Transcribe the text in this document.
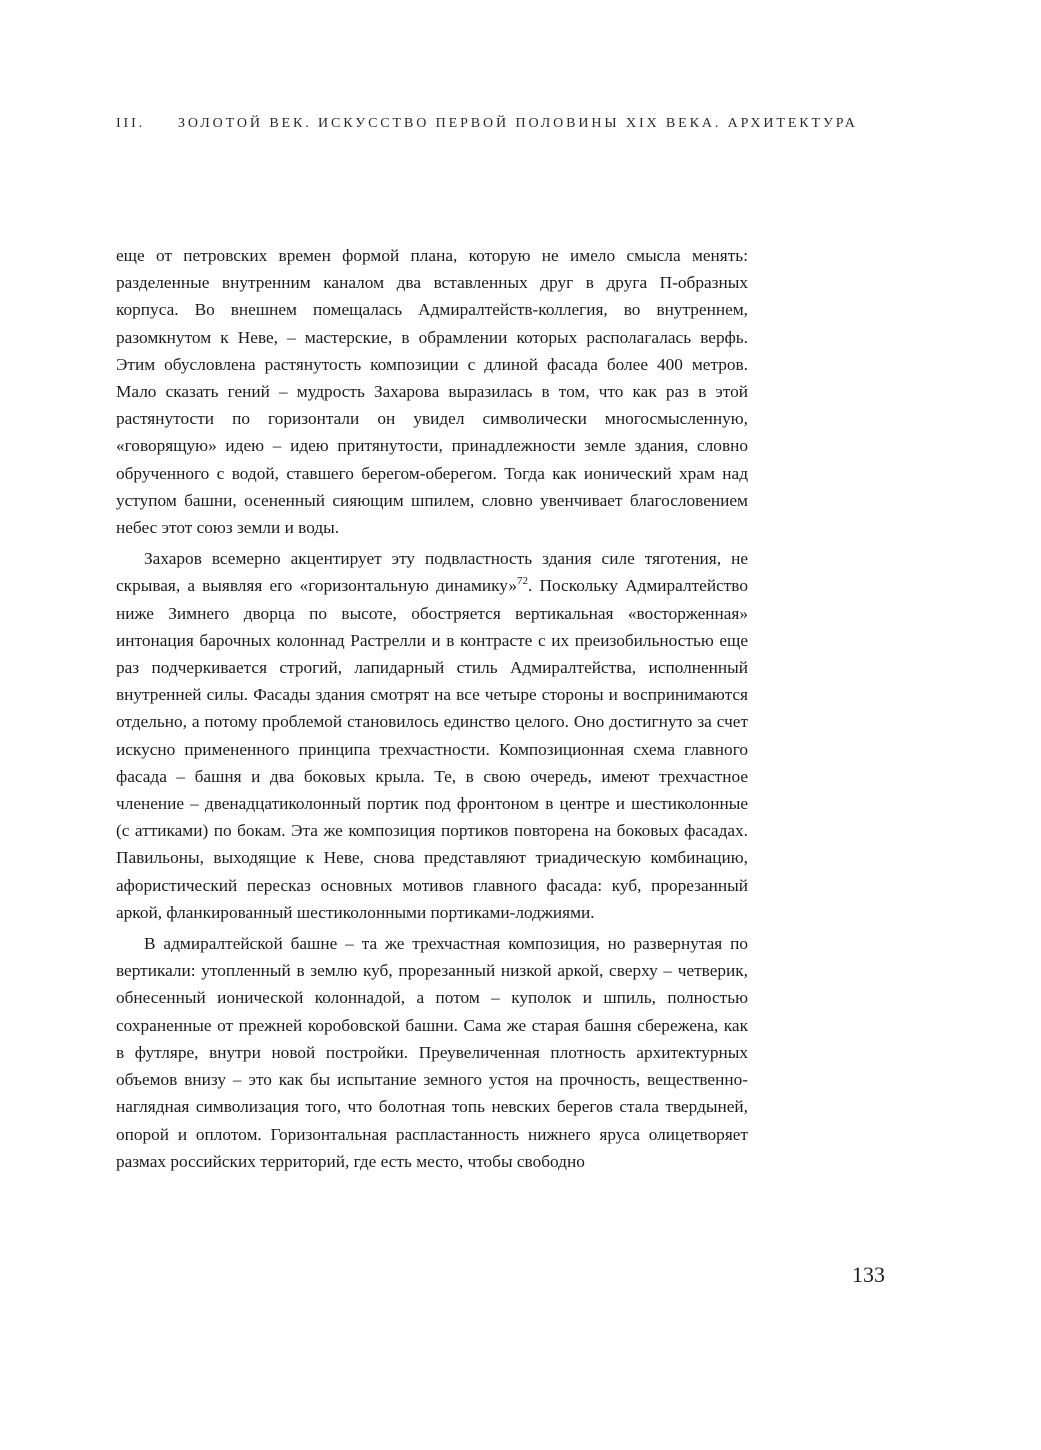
III. ЗОЛОТОЙ ВЕК. ИСКУССТВО ПЕРВОЙ ПОЛОВИНЫ XIX ВЕКА. АРХИТЕКТУРА

еще от петровских времен формой плана, которую не имело смысла менять: разделенные внутренним каналом два вставленных друг в друга П-образных корпуса. Во внешнем помещалась Адмиралтейств-коллегия, во внутреннем, разомкнутом к Неве, – мастерские, в обрамлении которых располагалась верфь. Этим обусловлена растянутость композиции с длиной фасада более 400 метров. Мало сказать гений – мудрость Захарова выразилась в том, что как раз в этой растянутости по горизонтали он увидел символически многосмысленную, «говорящую» идею – идею притянутости, принадлежности земле здания, словно обрученного с водой, ставшего берегом-оберегом. Тогда как ионический храм над уступом башни, осененный сияющим шпилем, словно увенчивает благословением небес этот союз земли и воды.

Захаров всемерно акцентирует эту подвластность здания силе тяготения, не скрывая, а выявляя его «горизонтальную динамику»$^{72}$. Поскольку Адмиралтейство ниже Зимнего дворца по высоте, обостряется вертикальная «восторженная» интонация барочных колоннад Растрелли и в контрасте с их преизобильностью еще раз подчеркивается строгий, лапидарный стиль Адмиралтейства, исполненный внутренней силы. Фасады здания смотрят на все четыре стороны и воспринимаются отдельно, а потому проблемой становилось единство целого. Оно достигнуто за счет искусно примененного принципа трехчастности. Композиционная схема главного фасада – башня и два боковых крыла. Те, в свою очередь, имеют трехчастное членение – двенадцатиколонный портик под фронтоном в центре и шестиколонные (с аттиками) по бокам. Эта же композиция портиков повторена на боковых фасадах. Павильоны, выходящие к Неве, снова представляют триадическую комбинацию, афористический пересказ основных мотивов главного фасада: куб, прорезанный аркой, фланкированный шестиколонными портиками-лоджиями.

В адмиралтейской башне – та же трехчастная композиция, но развернутая по вертикали: утопленный в землю куб, прорезанный низкой аркой, сверху – четверик, обнесенный ионической колоннадой, а потом – куполок и шпиль, полностью сохраненные от прежней коробовской башни. Сама же старая башня сбережена, как в футляре, внутри новой постройки. Преувеличенная плотность архитектурных объемов внизу – это как бы испытание земного устоя на прочность, вещественно-наглядная символизация того, что болотная топь невских берегов стала твердыней, опорой и оплотом. Горизонтальная распластанность нижнего яруса олицетворяет размах российских территорий, где есть место, чтобы свободно

133
